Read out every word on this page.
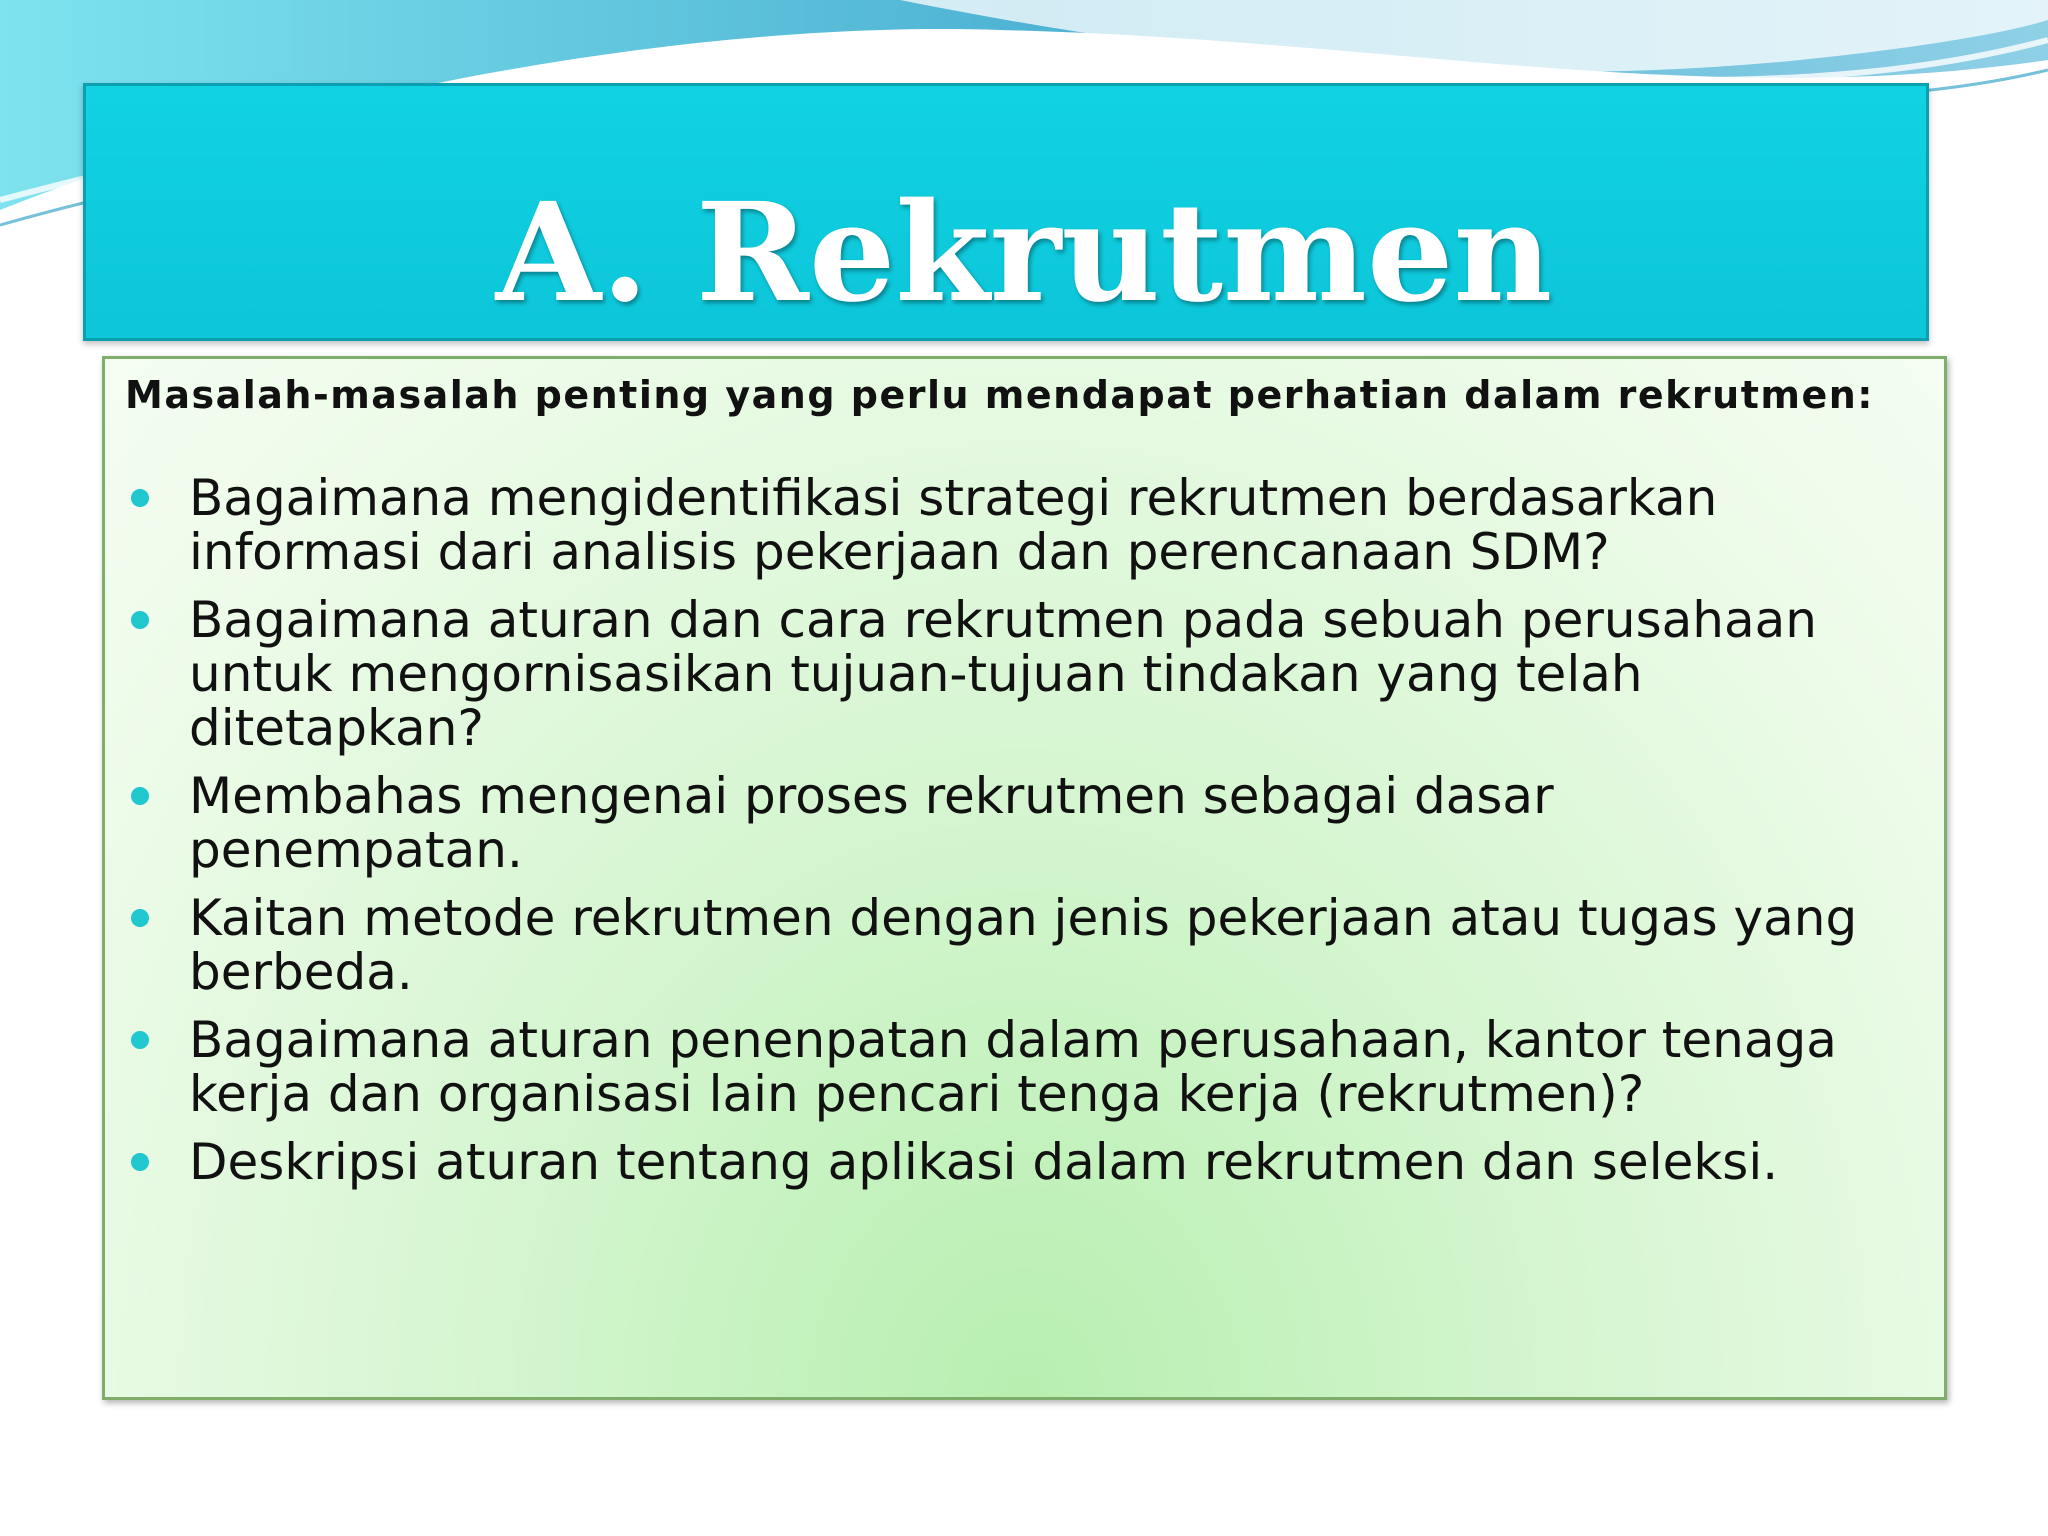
A. Rekrutmen

Masalah-masalah penting yang perlu mendapat perhatian dalam rekrutmen:

Bagaimana mengidentifikasi strategi rekrutmen berdasarkan informasi dari analisis pekerjaan dan perencanaan SDM?
Bagaimana aturan dan cara rekrutmen pada sebuah perusahaan untuk mengornisasikan tujuan-tujuan tindakan yang telah ditetapkan?
Membahas mengenai proses rekrutmen sebagai dasar penempatan.
Kaitan metode rekrutmen dengan jenis pekerjaan atau tugas yang berbeda.
Bagaimana aturan penenpatan dalam perusahaan, kantor tenaga kerja dan organisasi lain pencari tenga kerja (rekrutmen)?
Deskripsi aturan tentang aplikasi dalam rekrutmen dan seleksi.
